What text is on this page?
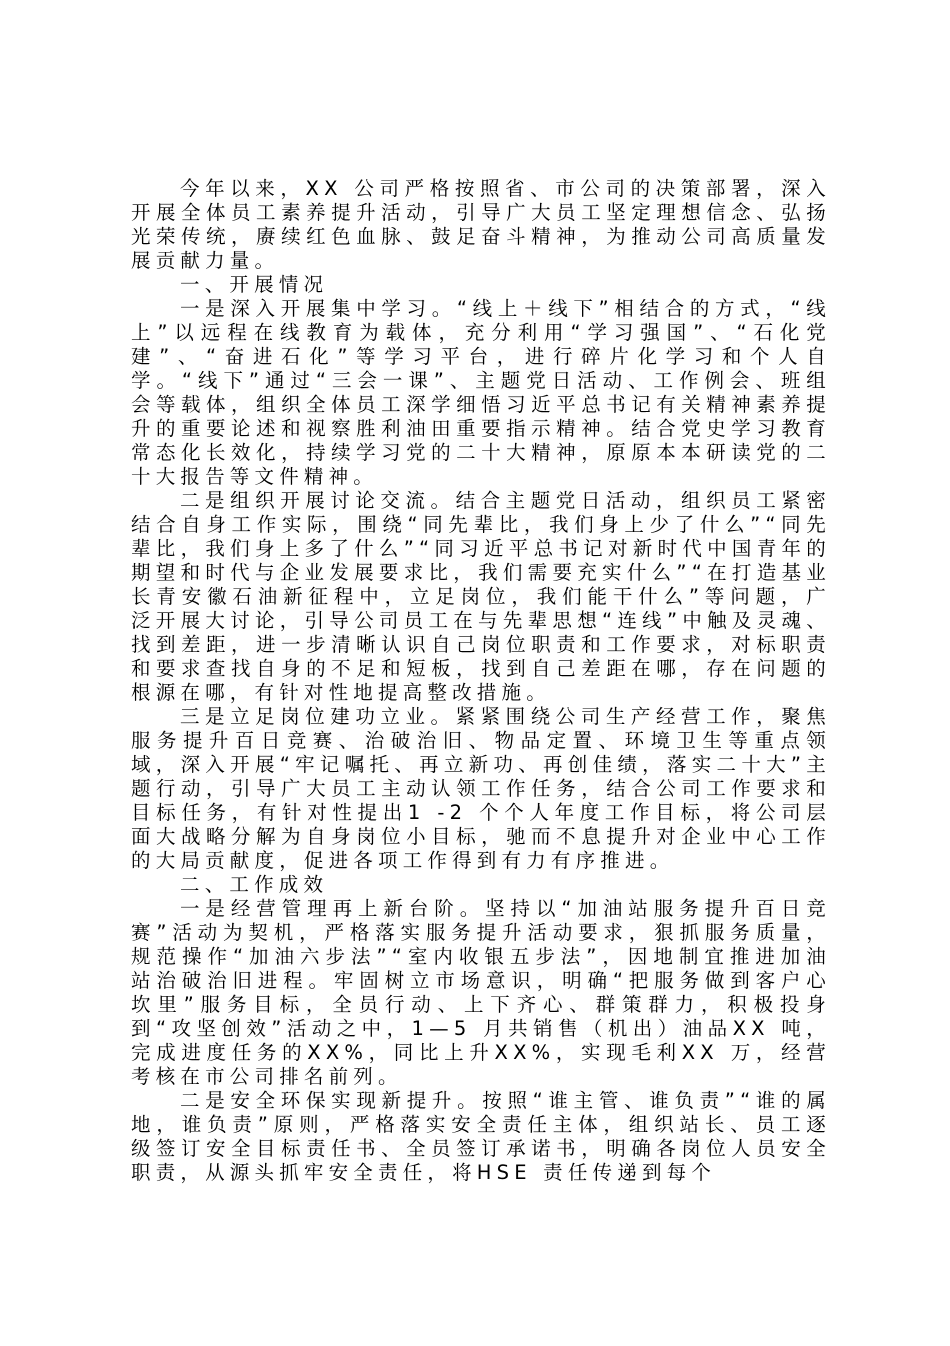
今年以来，XX 公司严格按照省、市公司的决策部署，深入开展全体员工素养提升活动，引导广大员工坚定理想信念、弘扬光荣传统，赓续红色血脉、鼓足奋斗精神，为推动公司高质量发展贡献力量。

一、开展情况

一是深入开展集中学习。“线上＋线下”相结合的方式，“线上”以远程在线教育为载体，充分利用“学习强国”、“石化党建”、“奋进石化”等学习平台，进行碎片化学习和个人自学。“线下”通过“三会一课”、主题党日活动、工作例会、班组会等载体，组织全体员工深学细悟习近平总书记有关精神素养提升的重要论述和视察胜利油田重要指示精神。结合党史学习教育常态化长效化，持续学习党的二十大精神，原原本本研读党的二十大报告等文件精神。

二是组织开展讨论交流。结合主题党日活动，组织员工紧密结合自身工作实际，围绕“同先辈比，我们身上少了什么”“同先辈比，我们身上多了什么”“同习近平总书记对新时代中国青年的期望和时代与企业发展要求比，我们需要充实什么”“在打造基业长青安徽石油新征程中，立足岗位，我们能干什么”等问题，广泛开展大讨论，引导公司员工在与先辈思想“连线”中触及灵魂、找到差距，进一步清晰认识自己岗位职责和工作要求，对标职责和要求查找自身的不足和短板，找到自己差距在哪，存在问题的根源在哪，有针对性地提高整改措施。

三是立足岗位建功立业。紧紧围绕公司生产经营工作，聚焦服务提升百日竞赛、治破治旧、物品定置、环境卫生等重点领域，深入开展“牢记嘱托、再立新功、再创佳绩，落实二十大”主题行动，引导广大员工主动认领工作任务，结合公司工作要求和目标任务，有针对性提出1 -2 个个人年度工作目标，将公司层面大战略分解为自身岗位小目标，驰而不息提升对企业中心工作的大局贡献度，促进各项工作得到有力有序推进。

二、工作成效

一是经营管理再上新台阶。坚持以“加油站服务提升百日竞赛”活动为契机，严格落实服务提升活动要求，狠抓服务质量，规范操作“加油六步法”“室内收银五步法”，因地制宜推进加油站治破治旧进程。牢固树立市场意识，明确“把服务做到客户心坎里”服务目标，全员行动、上下齐心、群策群力，积极投身到“攻坚创效”活动之中，1—5 月共销售（机出）油品XX 吨，完成进度任务的XX%，同比上升XX%，实现毛利XX 万，经营考核在市公司排名前列。

二是安全环保实现新提升。按照“谁主管、谁负责”“谁的属地，谁负责”原则，严格落实安全责任主体，组织站长、员工逐级签订安全目标责任书、全员签订承诺书，明确各岗位人员安全职责，从源头抓牢安全责任，将HSE 责任传递到每个
